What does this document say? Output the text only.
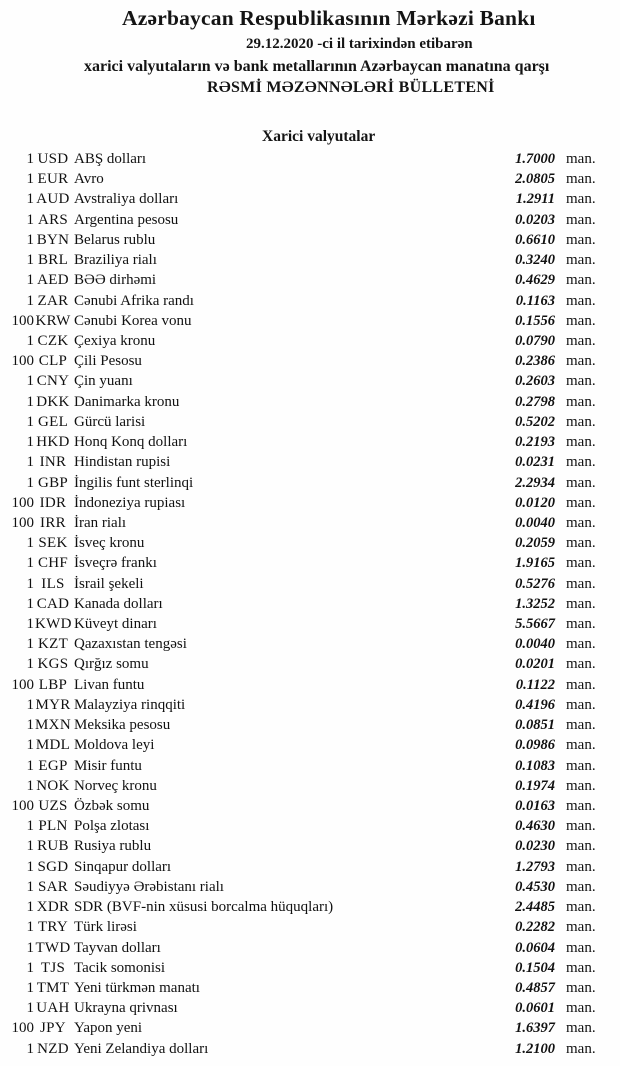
Azərbaycan Respublikasının Mərkəzi Bankı
29.12.2020 -ci il tarixindən etibarən
xarici valyutaların və bank metallarının Azərbaycan manatına qarşı
RƏSMİ MƏZƏNNƏLƏRİ BÜLLETENİ
Xarici valyutalar
1 USD ABŞ dolları	1.7000 man.
1 EUR Avro	2.0805 man.
1 AUD Avstraliya dolları	1.2911 man.
1 ARS Argentina pesosu	0.0203 man.
1 BYN Belarus rublu	0.6610 man.
1 BRL Braziliya rialı	0.3240 man.
1 AED BƏƏ dirhəmi	0.4629 man.
1 ZAR Cənubi Afrika randı	0.1163 man.
100 KRW Cənubi Korea vonu	0.1556 man.
1 CZK Çexiya kronu	0.0790 man.
100 CLP Çili Pesosu	0.2386 man.
1 CNY Çin yuanı	0.2603 man.
1 DKK Danimarka kronu	0.2798 man.
1 GEL Gürcü larisi	0.5202 man.
1 HKD Honq Konq dolları	0.2193 man.
1 INR Hindistan rupisi	0.0231 man.
1 GBP İngilis funt sterlinqi	2.2934 man.
100 IDR İndoneziya rupiası	0.0120 man.
100 IRR İran rialı	0.0040 man.
1 SEK İsveç kronu	0.2059 man.
1 CHF İsveçrə frankı	1.9165 man.
1 ILS İsrail şekeli	0.5276 man.
1 CAD Kanada dolları	1.3252 man.
1 KWD Küveyt dinarı	5.5667 man.
1 KZT Qazaxıstan tengəsi	0.0040 man.
1 KGS Qırğız somu	0.0201 man.
100 LBP Livan funtu	0.1122 man.
1 MYR Malayziya rinqqiti	0.4196 man.
1 MXN Meksika pesosu	0.0851 man.
1 MDL Moldova leyi	0.0986 man.
1 EGP Misir funtu	0.1083 man.
1 NOK Norveç kronu	0.1974 man.
100 UZS Özbək somu	0.0163 man.
1 PLN Polşa zlotası	0.4630 man.
1 RUB Rusiya rublu	0.0230 man.
1 SGD Sinqapur dolları	1.2793 man.
1 SAR Səudiyyə Ərəbistanı rialı	0.4530 man.
1 XDR SDR (BVF-nin xüsusi borcalma hüquqları)	2.4485 man.
1 TRY Türk lirəsi	0.2282 man.
1 TWD Tayvan dolları	0.0604 man.
1 TJS Tacik somonisi	0.1504 man.
1 TMT Yeni türkmən manatı	0.4857 man.
1 UAH Ukrayna qrivnası	0.0601 man.
100 JPY Yapon yeni	1.6397 man.
1 NZD Yeni Zelandiya dolları	1.2100 man.
